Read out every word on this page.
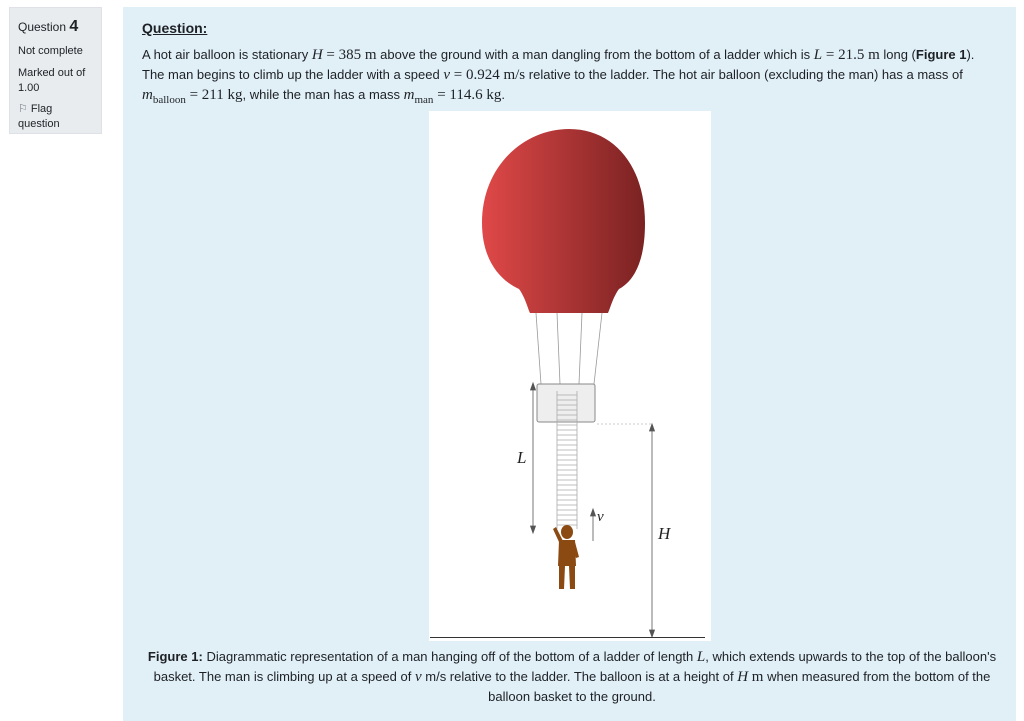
Question 4
Not complete
Marked out of 1.00
⚐ Flag question
Question:
A hot air balloon is stationary H = 385 m above the ground with a man dangling from the bottom of a ladder which is L = 21.5 m long (Figure 1). The man begins to climb up the ladder with a speed v = 0.924 m/s relative to the ladder. The hot air balloon (excluding the man) has a mass of $m_{balloon} = 211$ kg, while the man has a mass $m_{man} = 114.6$ kg.
L
v
H
Figure 1: Diagrammatic representation of a man hanging off of the bottom of a ladder of length L, which extends upwards to the top of the balloon's basket. The man is climbing up at a speed of v m/s relative to the ladder. The balloon is at a height of H m when measured from the bottom of the balloon basket to the ground.
